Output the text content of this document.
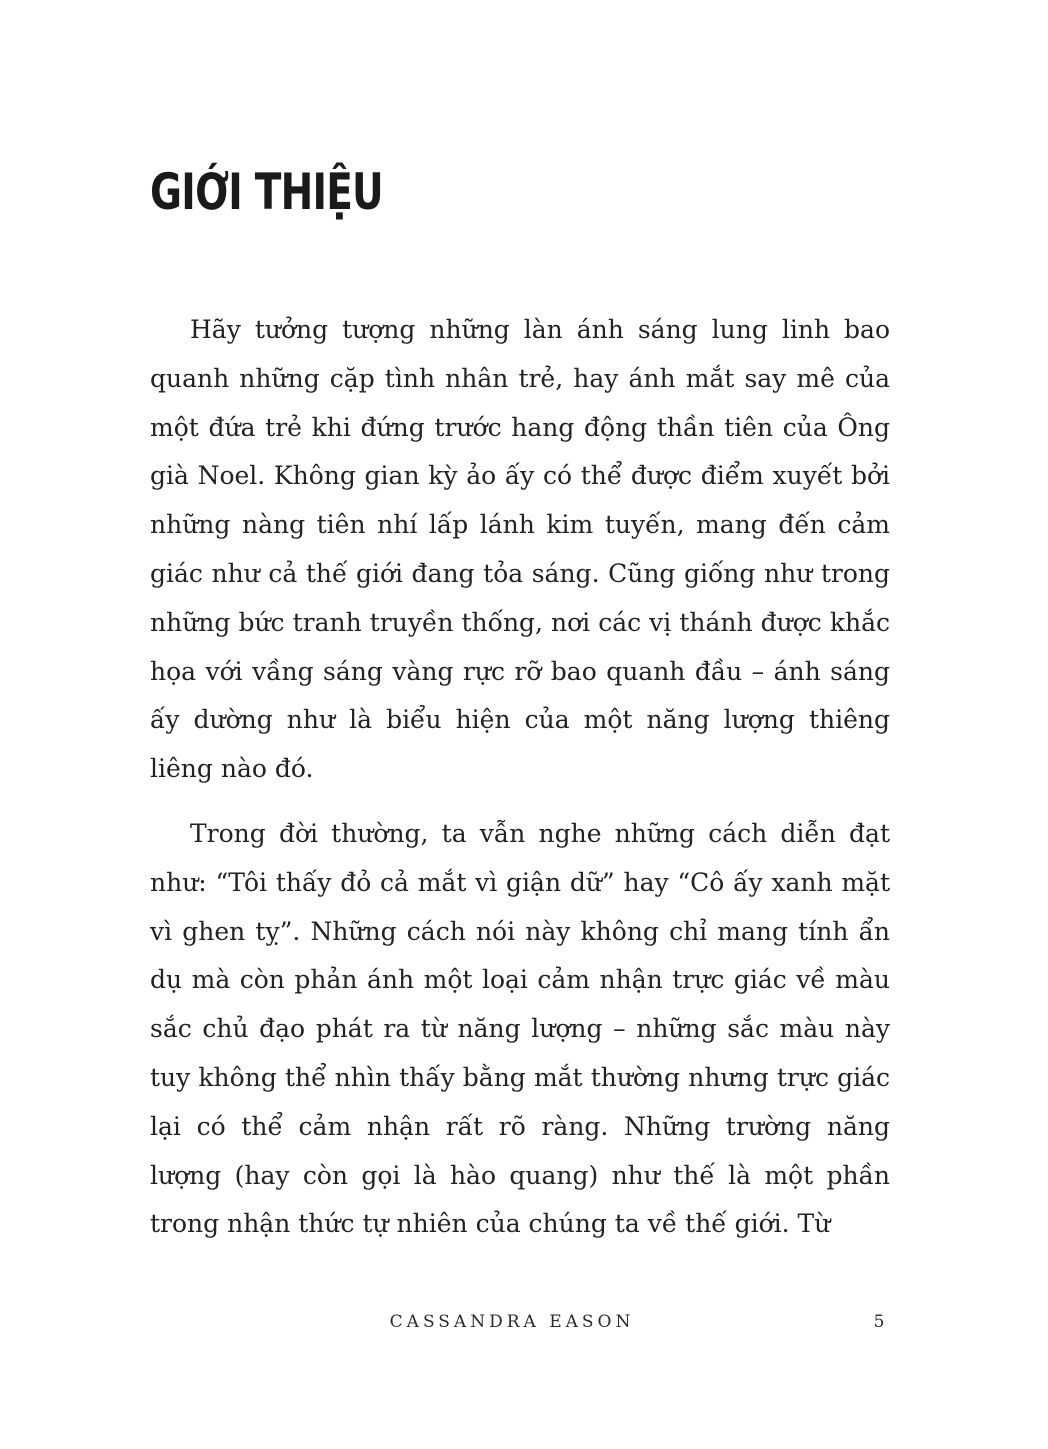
GIỚI THIỆU

Hãy tưởng tượng những làn ánh sáng lung linh bao quanh những cặp tình nhân trẻ, hay ánh mắt say mê của một đứa trẻ khi đứng trước hang động thần tiên của Ông già Noel. Không gian kỳ ảo ấy có thể được điểm xuyết bởi những nàng tiên nhí lấp lánh kim tuyến, mang đến cảm giác như cả thế giới đang tỏa sáng. Cũng giống như trong những bức tranh truyền thống, nơi các vị thánh được khắc họa với vầng sáng vàng rực rỡ bao quanh đầu – ánh sáng ấy dường như là biểu hiện của một năng lượng thiêng liêng nào đó.

Trong đời thường, ta vẫn nghe những cách diễn đạt như: “Tôi thấy đỏ cả mắt vì giận dữ” hay “Cô ấy xanh mặt vì ghen tỵ”. Những cách nói này không chỉ mang tính ẩn dụ mà còn phản ánh một loại cảm nhận trực giác về màu sắc chủ đạo phát ra từ năng lượng – những sắc màu này tuy không thể nhìn thấy bằng mắt thường nhưng trực giác lại có thể cảm nhận rất rõ ràng. Những trường năng lượng (hay còn gọi là hào quang) như thế là một phần trong nhận thức tự nhiên của chúng ta về thế giới. Từ

CASSANDRA EASON	5
